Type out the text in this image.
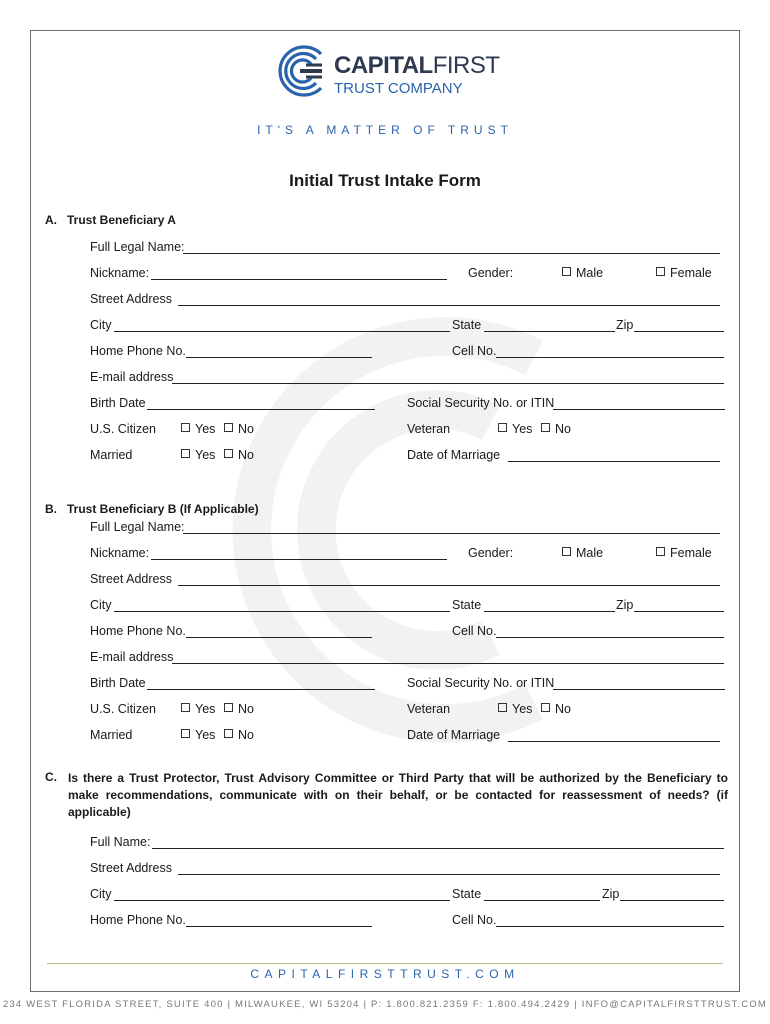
CAPITALFIRST
TRUST COMPANY
IT'S A MATTER OF TRUST
Initial Trust Intake Form
A. Trust Beneficiary A
Full Legal Name:
Nickname:	Gender:	Male	Female
Street Address
City	State	Zip
Home Phone No.	Cell No.
E-mail address
Birth Date	Social Security No. or ITIN
U.S. Citizen	Yes	No	Veteran	Yes	No
Married	Yes	No	Date of Marriage
B. Trust Beneficiary B (If Applicable)
Full Legal Name:
Nickname:	Gender:	Male	Female
Street Address
City	State	Zip
Home Phone No.	Cell No.
E-mail address
Birth Date	Social Security No. or ITIN
U.S. Citizen	Yes	No	Veteran	Yes	No
Married	Yes	No	Date of Marriage
C. Is there a Trust Protector, Trust Advisory Committee or Third Party that will be authorized by the Beneficiary to make recommendations, communicate with on their behalf, or be contacted for reassessment of needs? (if applicable)
Full Name:
Street Address
City	State	Zip
Home Phone No.	Cell No.
CAPITALFIRSTTRUST.COM
234 WEST FLORIDA STREET, SUITE 400 | MILWAUKEE, WI 53204 | P: 1.800.821.2359 F: 1.800.494.2429 | INFO@CAPITALFIRSTTRUST.COM
